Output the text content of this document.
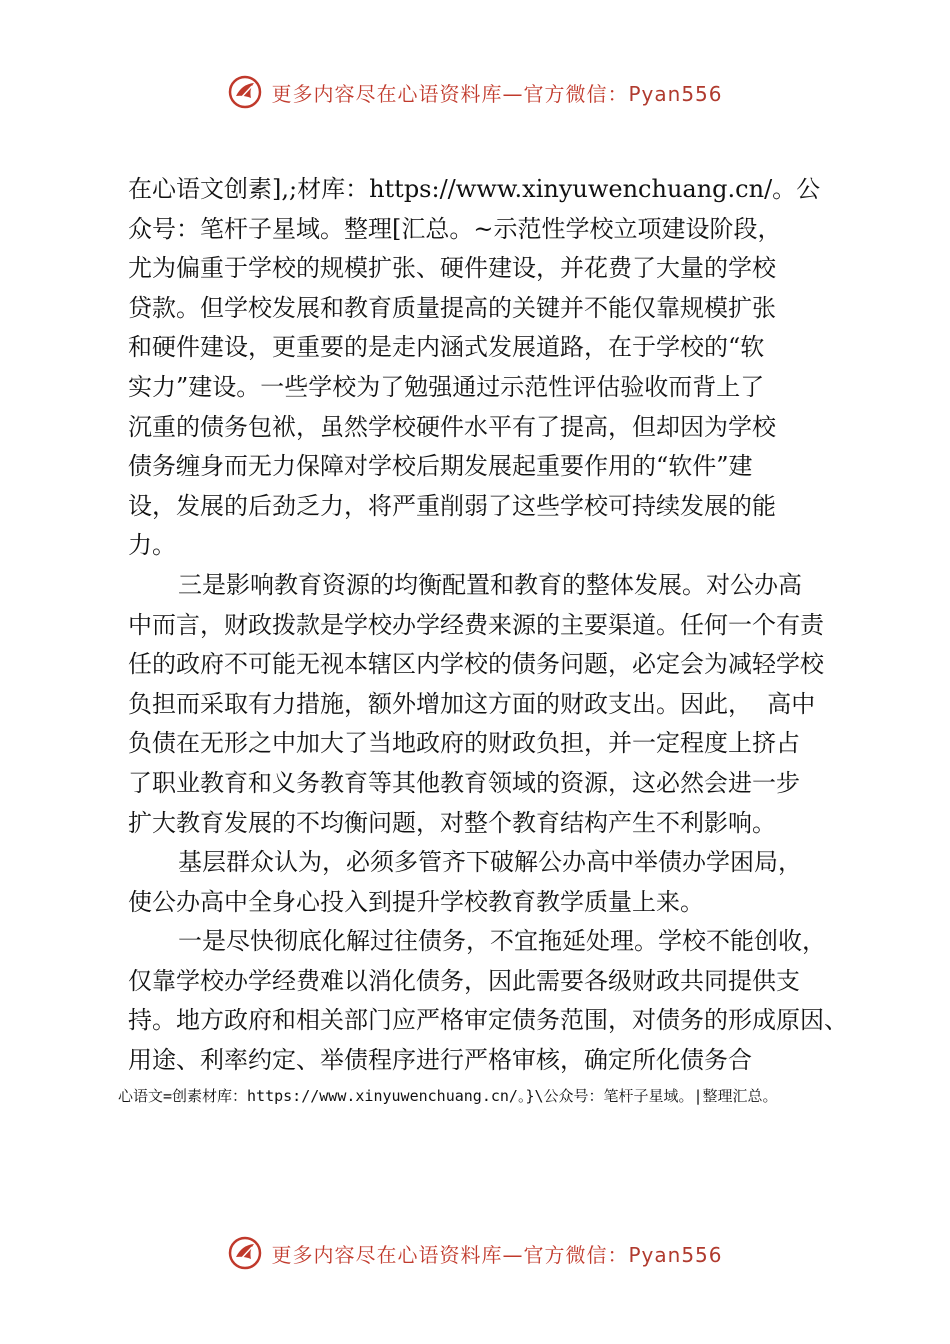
更多内容尽在心语资料库—官方微信：Pyan556
在心语文创素],;材库：https://www.xinyuwenchuang.cn/。公
众号：笔杆子星域。整理[汇总。~示范性学校立项建设阶段，
尤为偏重于学校的规模扩张、硬件建设，并花费了大量的学校
贷款。但学校发展和教育质量提高的关键并不能仅靠规模扩张
和硬件建设，更重要的是走内涵式发展道路，在于学校的“软
实力”建设。一些学校为了勉强通过示范性评估验收而背上了
沉重的债务包袱，虽然学校硬件水平有了提高，但却因为学校
债务缠身而无力保障对学校后期发展起重要作用的“软件”建
设，发展的后劲乏力，将严重削弱了这些学校可持续发展的能
力。
三是影响教育资源的均衡配置和教育的整体发展。对公办高
中而言，财政拨款是学校办学经费来源的主要渠道。任何一个有责
任的政府不可能无视本辖区内学校的债务问题，必定会为减轻学校
负担而采取有力措施，额外增加这方面的财政支出。因此，  高中
负债在无形之中加大了当地政府的财政负担，并一定程度上挤占
了职业教育和义务教育等其他教育领域的资源，这必然会进一步
扩大教育发展的不均衡问题，对整个教育结构产生不利影响。
基层群众认为，必须多管齐下破解公办高中举债办学困局，
使公办高中全身心投入到提升学校教育教学质量上来。
一是尽快彻底化解过往债务，不宜拖延处理。学校不能创收，
仅靠学校办学经费难以消化债务，因此需要各级财政共同提供支
持。地方政府和相关部门应严格审定债务范围，对债务的形成原因、
用途、利率约定、举债程序进行严格审核，确定所化债务合
心语文=创素材库：https://www.xinyuwenchuang.cn/。}\公众号：笔杆子星域。|整理汇总。
更多内容尽在心语资料库—官方微信：Pyan556
